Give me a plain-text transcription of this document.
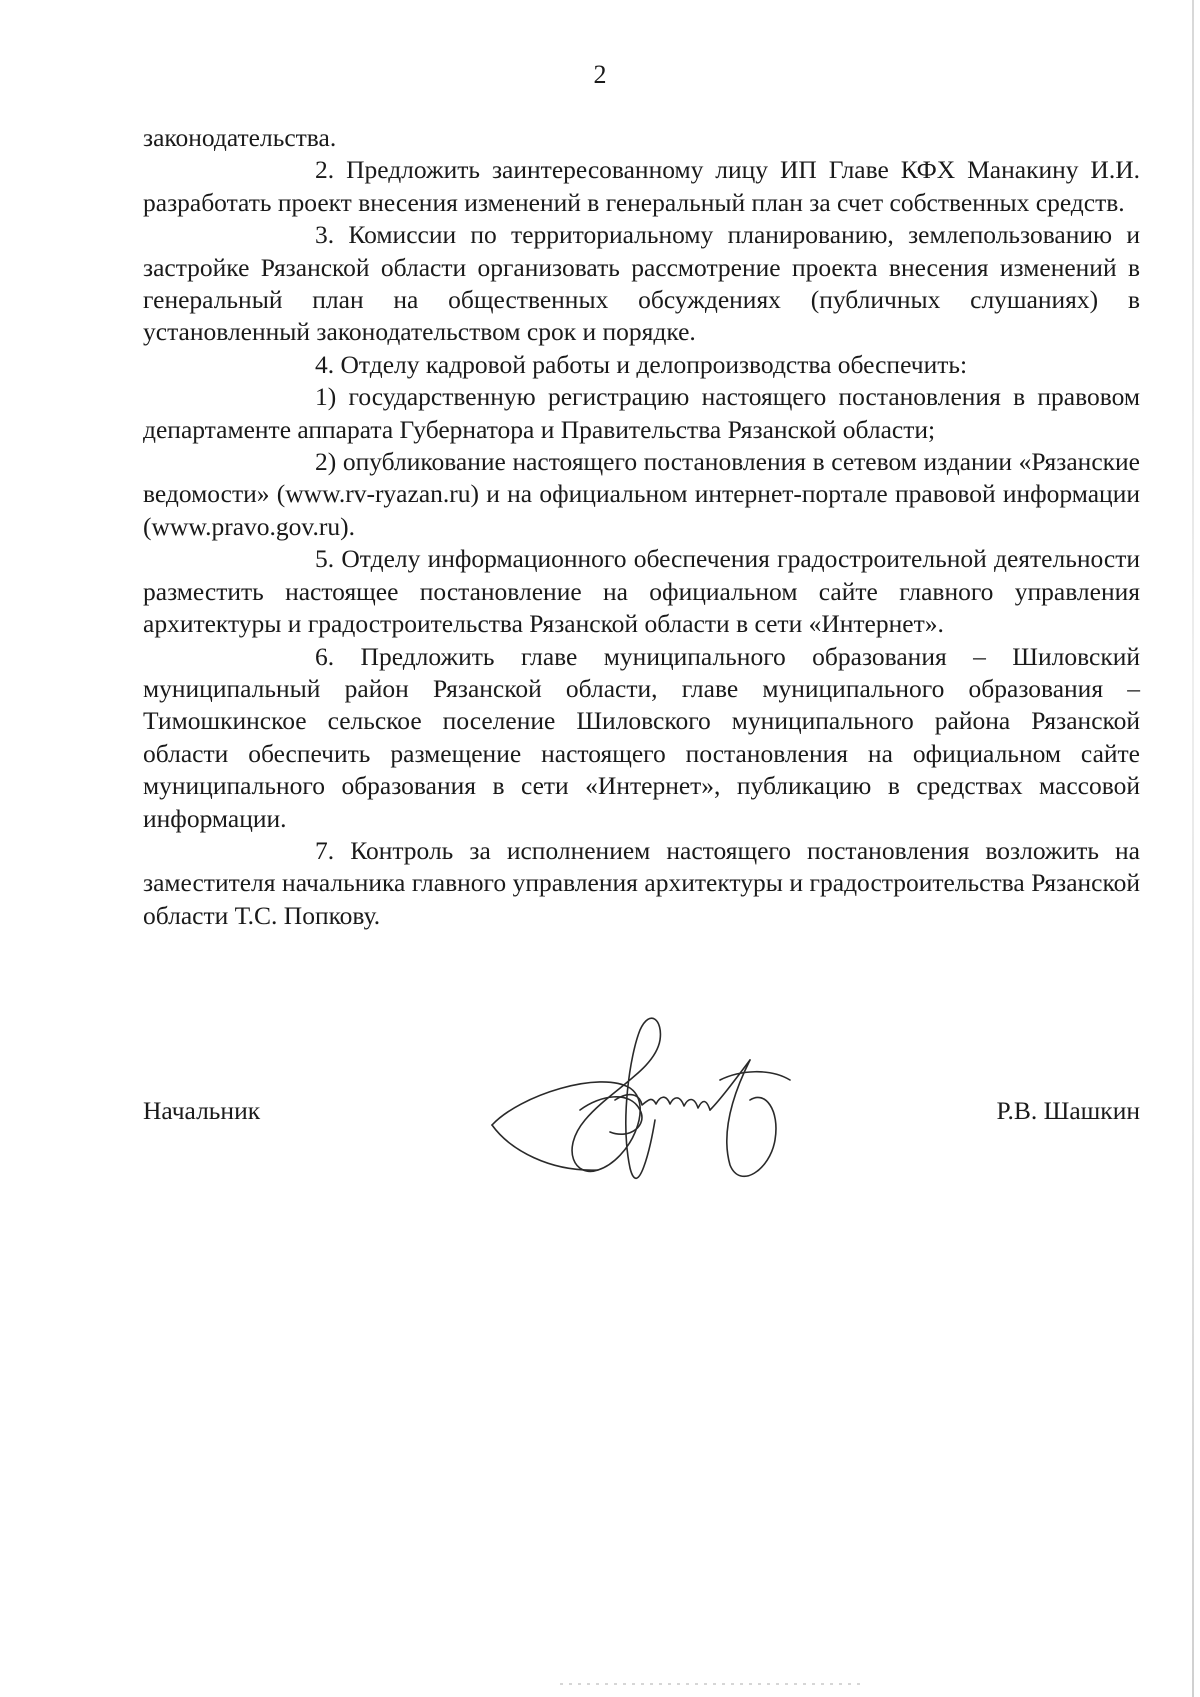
2

законодательства.

2. Предложить заинтересованному лицу ИП Главе КФХ Манакину И.И. разработать проект внесения изменений в генеральный план за счет собственных средств.

3. Комиссии по территориальному планированию, землепользованию и застройке Рязанской области организовать рассмотрение проекта внесения изменений в генеральный план на общественных обсуждениях (публичных слушаниях) в установленный законодательством срок и порядке.

4. Отделу кадровой работы и делопроизводства обеспечить:

1) государственную регистрацию настоящего постановления в правовом департаменте аппарата Губернатора и Правительства Рязанской области;

2) опубликование настоящего постановления в сетевом издании «Рязанские ведомости» (www.rv-ryazan.ru) и на официальном интернет-портале правовой информации (www.pravo.gov.ru).

5. Отделу информационного обеспечения градостроительной деятельности разместить настоящее постановление на официальном сайте главного управления архитектуры и градостроительства Рязанской области в сети «Интернет».

6. Предложить главе муниципального образования – Шиловский муниципальный район Рязанской области, главе муниципального образования – Тимошкинское сельское поселение Шиловского муниципального района Рязанской области обеспечить размещение настоящего постановления на официальном сайте муниципального образования в сети «Интернет», публикацию в средствах массовой информации.

7. Контроль за исполнением настоящего постановления возложить на заместителя начальника главного управления архитектуры и градостроительства Рязанской области Т.С. Попкову.

Начальник	Р.В. Шашкин
